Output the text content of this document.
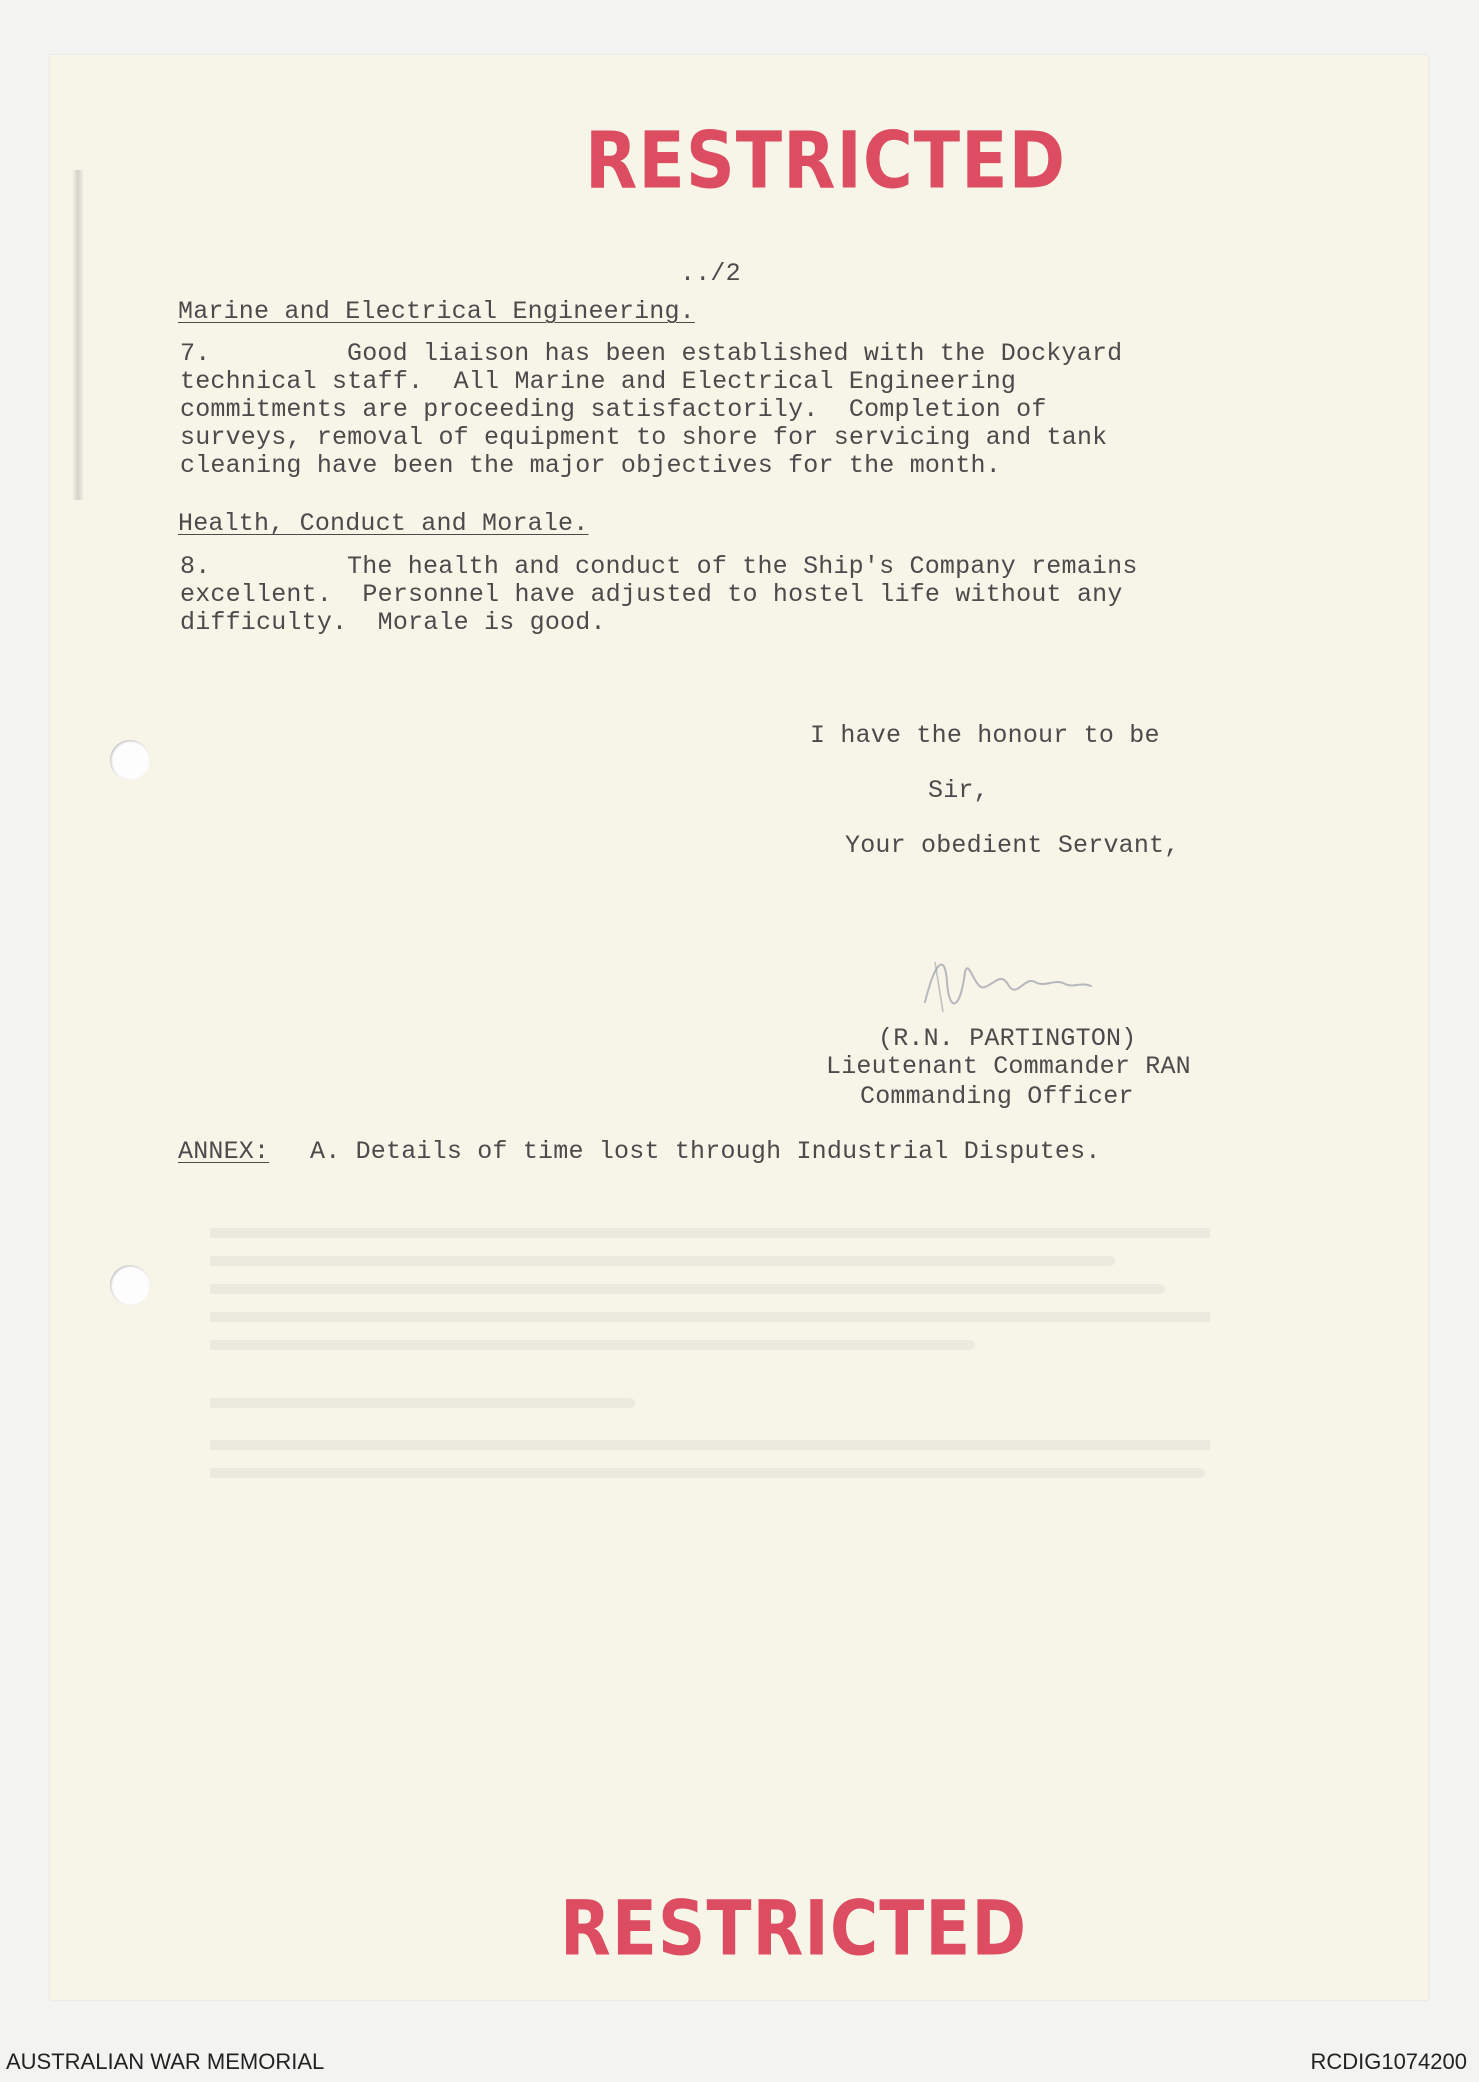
RESTRICTED
../2
Marine and Electrical Engineering.
7.	Good liaison has been established with the Dockyard
technical staff.  All Marine and Electrical Engineering
commitments are proceeding satisfactorily.  Completion of
surveys, removal of equipment to shore for servicing and tank
cleaning have been the major objectives for the month.
Health, Conduct and Morale.
8.	The health and conduct of the Ship's Company remains
excellent.  Personnel have adjusted to hostel life without any
difficulty.  Morale is good.
I have the honour to be
Sir,
Your obedient Servant,
(R.N. PARTINGTON)
Lieutenant Commander RAN
Commanding Officer
ANNEX: A. Details of time lost through Industrial Disputes.

RESTRICTED
AUSTRALIAN WAR MEMORIAL	RCDIG1074200
